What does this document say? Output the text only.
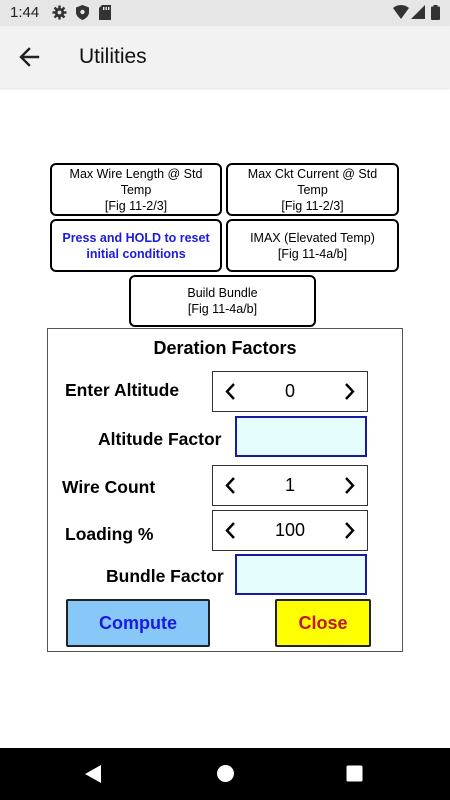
1:44
Utilities
Max Wire Length @ Std
Temp
[Fig 11-2/3]
Max Ckt Current @ Std
Temp
[Fig 11-2/3]
Press and HOLD to reset
initial conditions
IMAX (Elevated Temp)
[Fig 11-4a/b]
Build Bundle
[Fig 11-4a/b]
Deration Factors
Enter Altitude	0
Altitude Factor
Wire Count	1
Loading %	100
Bundle Factor
Compute	Close
